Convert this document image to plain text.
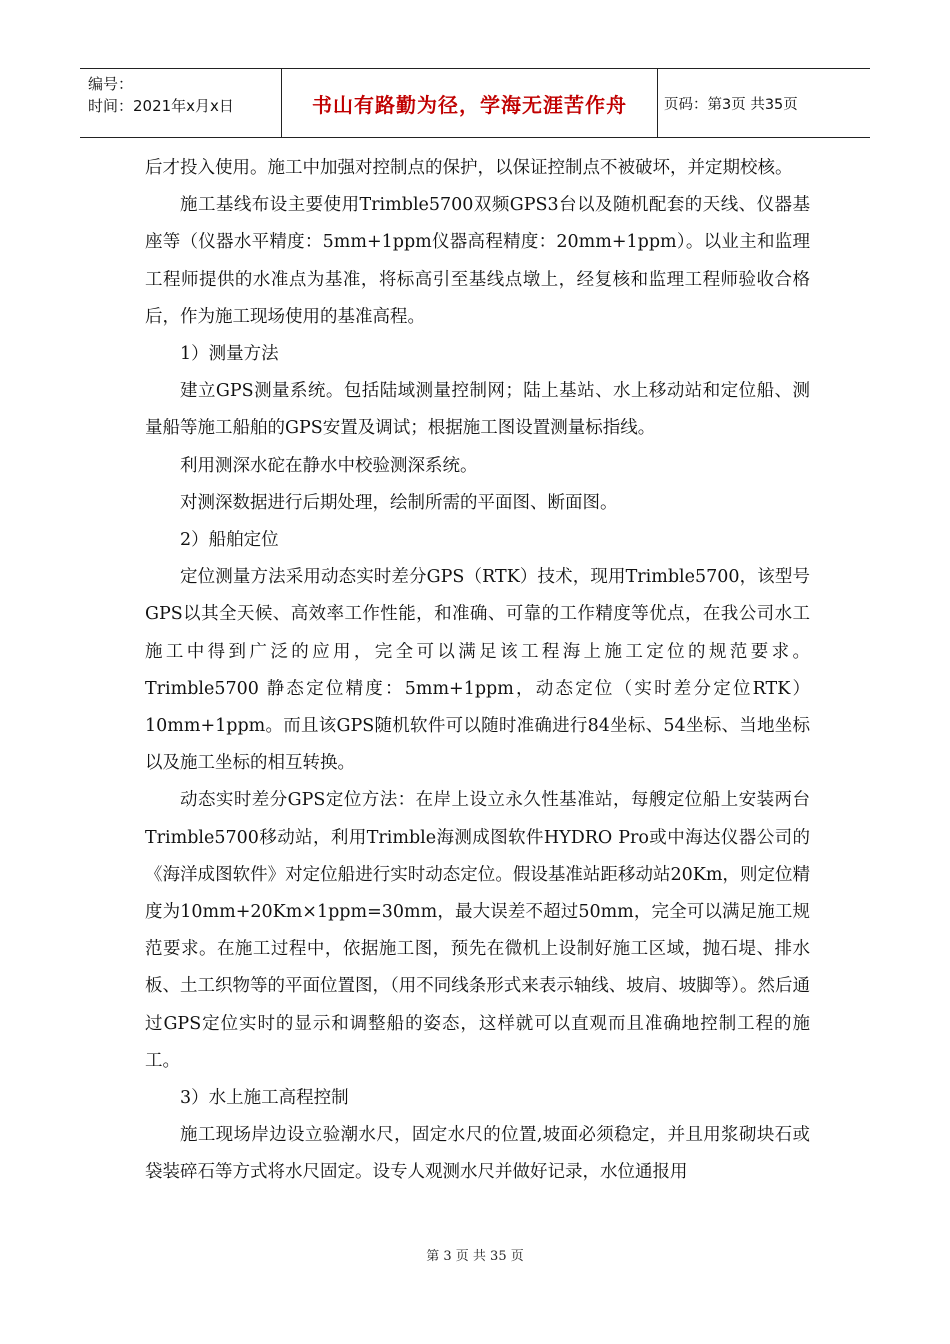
编号：
时间：2021年x月x日	书山有路勤为径，学海无涯苦作舟	页码：第3页 共35页

后才投入使用。施工中加强对控制点的保护，以保证控制点不被破坏，并定期校核。

施工基线布设主要使用Trimble5700双频GPS3台以及随机配套的天线、仪器基座等（仪器水平精度：5mm+1ppm仪器高程精度：20mm+1ppm）。以业主和监理工程师提供的水准点为基准，将标高引至基线点墩上，经复核和监理工程师验收合格后，作为施工现场使用的基准高程。

1）测量方法

建立GPS测量系统。包括陆域测量控制网；陆上基站、水上移动站和定位船、测量船等施工船舶的GPS安置及调试；根据施工图设置测量标指线。

利用测深水砣在静水中校验测深系统。

对测深数据进行后期处理，绘制所需的平面图、断面图。

2）船舶定位

定位测量方法采用动态实时差分GPS（RTK）技术，现用Trimble5700，该型号GPS以其全天候、高效率工作性能，和准确、可靠的工作精度等优点，在我公司水工施工中得到广泛的应用，完全可以满足该工程海上施工定位的规范要求。Trimble5700 静态定位精度：5mm+1ppm，动态定位（实时差分定位RTK） 10mm+1ppm。而且该GPS随机软件可以随时准确进行84坐标、54坐标、当地坐标以及施工坐标的相互转换。

动态实时差分GPS定位方法：在岸上设立永久性基准站，每艘定位船上安装两台Trimble5700移动站，利用Trimble海测成图软件HYDRO Pro或中海达仪器公司的《海洋成图软件》对定位船进行实时动态定位。假设基准站距移动站20Km，则定位精度为10mm+20Km×1ppm=30mm，最大误差不超过50mm，完全可以满足施工规范要求。在施工过程中，依据施工图，预先在微机上设制好施工区域，抛石堤、排水板、土工织物等的平面位置图，（用不同线条形式来表示轴线、坡肩、坡脚等）。然后通过GPS定位实时的显示和调整船的姿态，这样就可以直观而且准确地控制工程的施工。

3）水上施工高程控制

施工现场岸边设立验潮水尺，固定水尺的位置,坡面必须稳定，并且用浆砌块石或袋装碎石等方式将水尺固定。设专人观测水尺并做好记录，水位通报用

第 3 页 共 35 页
